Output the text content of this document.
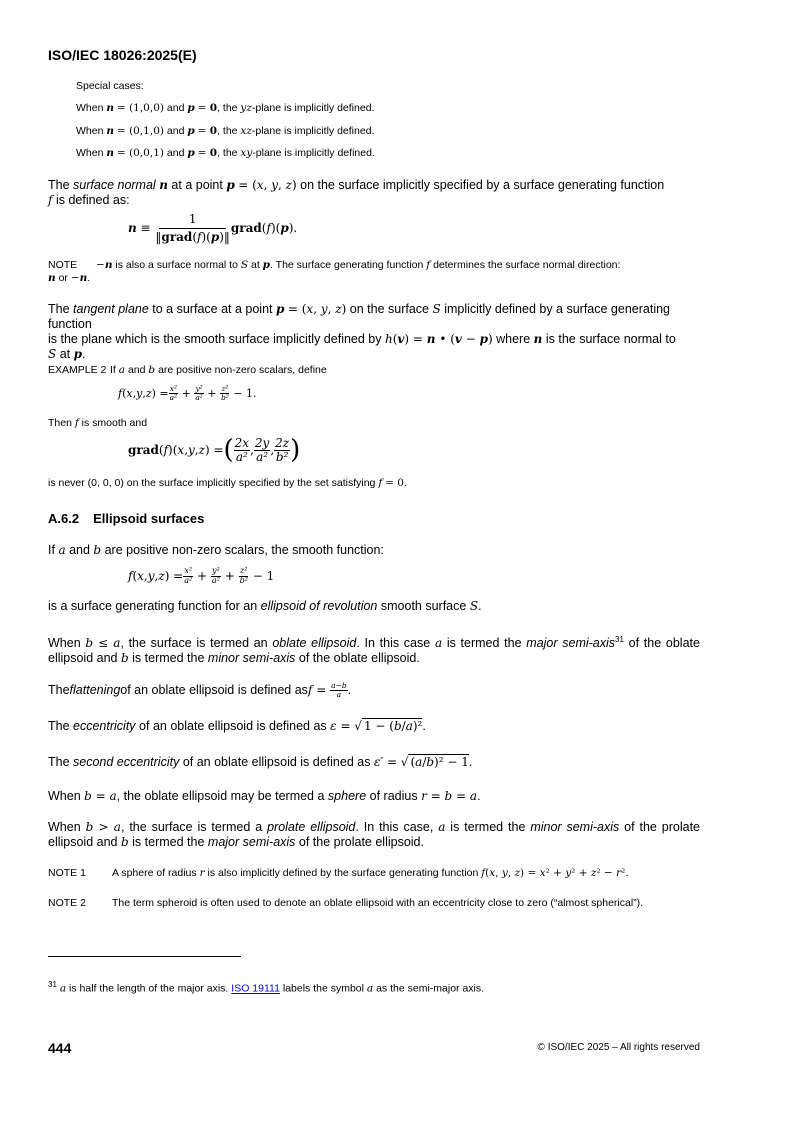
ISO/IEC 18026:2025(E)
Special cases:
When n = (1,0,0) and p = 0, the yz-plane is implicitly defined.
When n = (0,1,0) and p = 0, the xz-plane is implicitly defined.
When n = (0,0,1) and p = 0, the xy-plane is implicitly defined.
The surface normal n at a point p = (x, y, z) on the surface implicitly specified by a surface generating function
f is defined as:
$n \equiv \frac{1}{\text{‖grad(f)(p)‖}}$ grad ( f )( p ).
NOTE −n is also a surface normal to S at p. The surface generating function f determines the surface normal direction:
n or −n.
The tangent plane to a surface at a point p = (x, y, z) on the surface S implicitly defined by a surface generating function
is the plane which is the smooth surface implicitly defined by h(v) = n • (v − p) where n is the surface normal to
S at p.
EXAMPLE 2 If a and b are positive non-zero scalars, define
f ( x , y , z ) = $\frac{\text{x²}}{\text{a²}} + \frac{\text{y²}}{\text{a²}} + \frac{\text{z²}}{\text{b²}} - 1$.
Then f is smooth and
grad ( f )( x , y , z ) = ( $\frac{2x}{\text{a²}}$ , $\frac{2y}{\text{a²}}$ , $\frac{2z}{\text{b²}}$ )
is never (0, 0, 0) on the surface implicitly specified by the set satisfying f = 0.
A.6.2 Ellipsoid surfaces
If a and b are positive non-zero scalars, the smooth function:
f ( x , y , z ) = $\frac{\text{x²}}{\text{a²}} + \frac{\text{y²}}{\text{a²}} + \frac{\text{z²}}{\text{b²}} - 1$
is a surface generating function for an ellipsoid of revolution smooth surface S.
When b ≤ a, the surface is termed an oblate ellipsoid. In this case a is termed the major semi-axis$^{31}$ of the oblate ellipsoid and b is termed the minor semi-axis of the oblate ellipsoid.
The flattening of an oblate ellipsoid is defined as $f = \frac{a-b}{a}$ .
The eccentricity of an oblate ellipsoid is defined as ε = √ 1 − (b/a)².
The second eccentricity of an oblate ellipsoid is defined as ε′ = √ (a/b)² − 1.
When b = a, the oblate ellipsoid may be termed a sphere of radius r = b = a.
When b > a, the surface is termed a prolate ellipsoid. In this case, a is termed the minor semi-axis of the prolate ellipsoid and b is termed the major semi-axis of the prolate ellipsoid.
NOTE 1 A sphere of radius r is also implicitly defined by the surface generating function f(x, y, z) = x² + y² + z² − r².
NOTE 2 The term spheroid is often used to denote an oblate ellipsoid with an eccentricity close to zero (“almost spherical”).
$^{31}$ a is half the length of the major axis. ISO 19111 labels the symbol a as the semi-major axis.
444	© ISO/IEC 2025 – All rights reserved
